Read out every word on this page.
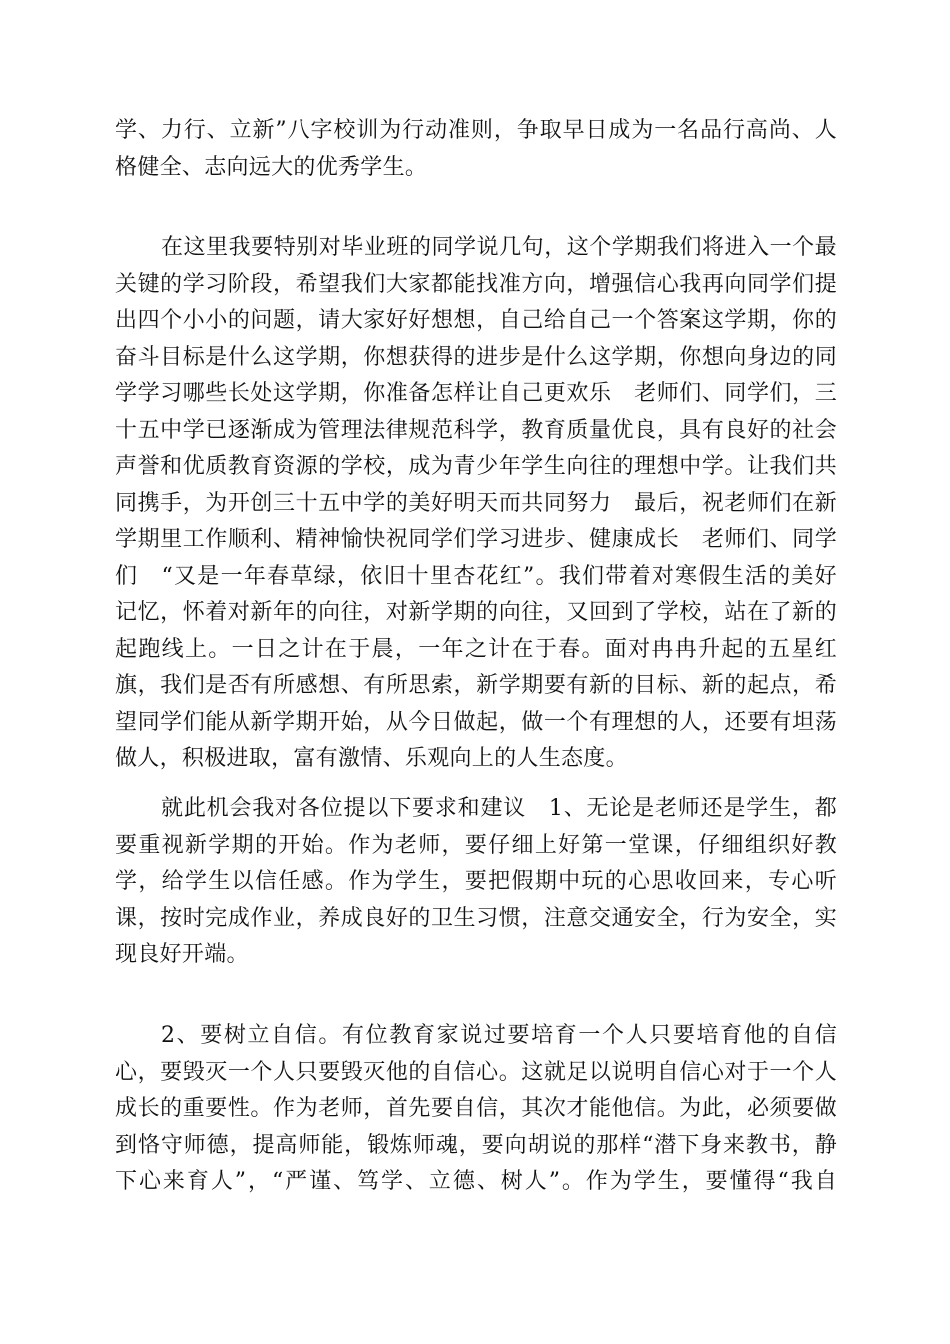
学、力行、立新”八字校训为行动准则，争取早日成为一名品行高尚、人
格健全、志向远大的优秀学生。
在这里我要特别对毕业班的同学说几句，这个学期我们将进入一个最
关键的学习阶段，希望我们大家都能找准方向，增强信心我再向同学们提
出四个小小的问题，请大家好好想想，自己给自己一个答案这学期，你的
奋斗目标是什么这学期，你想获得的进步是什么这学期，你想向身边的同
学学习哪些长处这学期，你准备怎样让自己更欢乐　老师们、同学们，三
十五中学已逐渐成为管理法律规范科学，教育质量优良，具有良好的社会
声誉和优质教育资源的学校，成为青少年学生向往的理想中学。让我们共
同携手，为开创三十五中学的美好明天而共同努力　最后，祝老师们在新
学期里工作顺利、精神愉快祝同学们学习进步、健康成长　老师们、同学
们　“又是一年春草绿，依旧十里杏花红”。我们带着对寒假生活的美好
记忆，怀着对新年的向往，对新学期的向往，又回到了学校，站在了新的
起跑线上。一日之计在于晨，一年之计在于春。面对冉冉升起的五星红
旗，我们是否有所感想、有所思索，新学期要有新的目标、新的起点，希
望同学们能从新学期开始，从今日做起，做一个有理想的人，还要有坦荡
做人，积极进取，富有激情、乐观向上的人生态度。
就此机会我对各位提以下要求和建议　1、无论是老师还是学生，都
要重视新学期的开始。作为老师，要仔细上好第一堂课，仔细组织好教
学，给学生以信任感。作为学生，要把假期中玩的心思收回来，专心听
课，按时完成作业，养成良好的卫生习惯，注意交通安全，行为安全，实
现良好开端。
2、要树立自信。有位教育家说过要培育一个人只要培育他的自信
心，要毁灭一个人只要毁灭他的自信心。这就足以说明自信心对于一个人
成长的重要性。作为老师，首先要自信，其次才能他信。为此，必须要做
到恪守师德，提高师能，锻炼师魂，要向胡说的那样“潜下身来教书，静
下心来育人”，“严谨、笃学、立德、树人”。作为学生，要懂得“我自
